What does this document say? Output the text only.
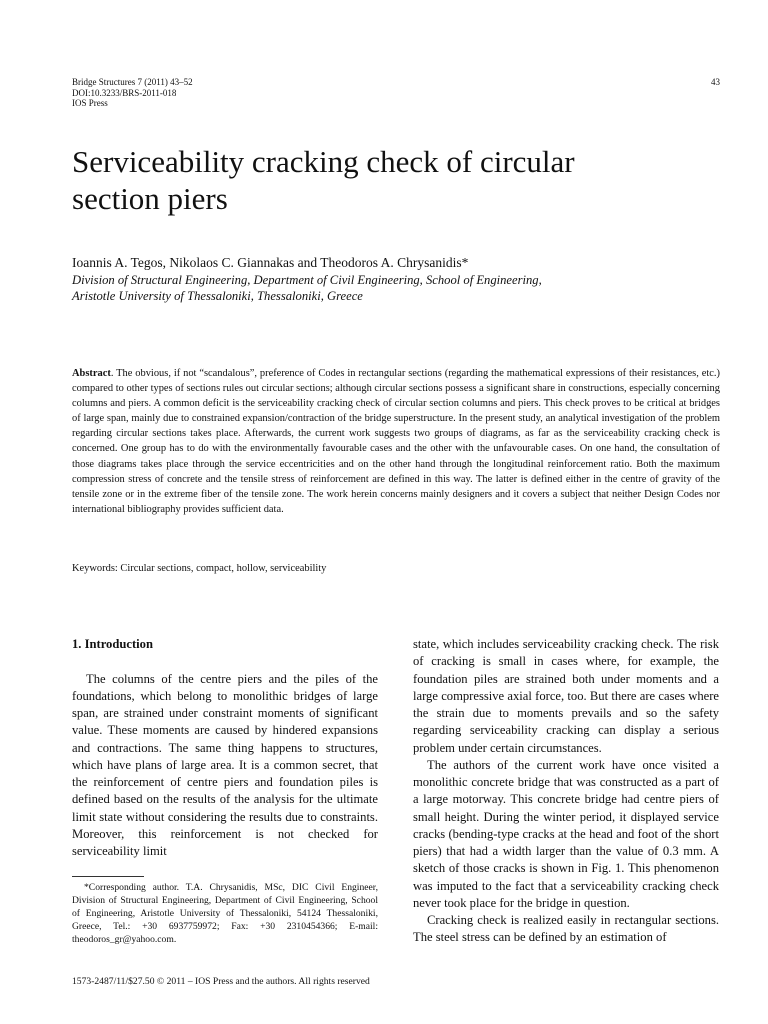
Bridge Structures 7 (2011) 43–52
DOI:10.3233/BRS-2011-018
IOS Press
43
Serviceability cracking check of circular
section piers
Ioannis A. Tegos, Nikolaos C. Giannakas and Theodoros A. Chrysanidis*
Division of Structural Engineering, Department of Civil Engineering, School of Engineering,
Aristotle University of Thessaloniki, Thessaloniki, Greece

Abstract. The obvious, if not “scandalous”, preference of Codes in rectangular sections (regarding the mathematical expressions of their resistances, etc.) compared to other types of sections rules out circular sections; although circular sections possess a significant share in constructions, especially concerning columns and piers. A common deficit is the serviceability cracking check of circular section columns and piers. This check proves to be critical at bridges of large span, mainly due to constrained expansion/contraction of the bridge superstructure. In the present study, an analytical investigation of the problem regarding circular sections takes place. Afterwards, the current work suggests two groups of diagrams, as far as the serviceability cracking check is concerned. One group has to do with the environmentally favourable cases and the other with the unfavourable cases. On one hand, the consultation of those diagrams takes place through the service eccentricities and on the other hand through the longitudinal reinforcement ratio. Both the maximum compression stress of concrete and the tensile stress of reinforcement are defined in this way. The latter is defined either in the centre of gravity of the tensile zone or in the extreme fiber of the tensile zone. The work herein concerns mainly designers and it covers a subject that neither Design Codes nor international bibliography provides sufficient data.

Keywords: Circular sections, compact, hollow, serviceability
1. Introduction

The columns of the centre piers and the piles of the foundations, which belong to monolithic bridges of large span, are strained under constraint moments of significant value. These moments are caused by hindered expansions and contractions. The same thing happens to structures, which have plans of large area. It is a common secret, that the reinforcement of centre piers and foundation piles is defined based on the results of the analysis for the ultimate limit state without considering the results due to constraints. Moreover, this reinforcement is not checked for serviceability limit

*Corresponding author. T.A. Chrysanidis, MSc, DIC Civil Engineer, Division of Structural Engineering, Department of Civil Engineering, School of Engineering, Aristotle University of Thessaloniki, 54124 Thessaloniki, Greece, Tel.: +30 6937759972; Fax: +30 2310454366; E-mail: theodoros_gr@yahoo.com.

state, which includes serviceability cracking check. The risk of cracking is small in cases where, for example, the foundation piles are strained both under moments and a large compressive axial force, too. But there are cases where the strain due to moments prevails and so the safety regarding serviceability cracking can display a serious problem under certain circumstances.

The authors of the current work have once visited a monolithic concrete bridge that was constructed as a part of a large motorway. This concrete bridge had centre piers of small height. During the winter period, it displayed service cracks (bending-type cracks at the head and foot of the short piers) that had a width larger than the value of 0.3 mm. A sketch of those cracks is shown in Fig. 1. This phenomenon was imputed to the fact that a serviceability cracking check never took place for the bridge in question.

Cracking check is realized easily in rectangular sections. The steel stress can be defined by an estimation of

1573-2487/11/$27.50 © 2011 – IOS Press and the authors. All rights reserved
